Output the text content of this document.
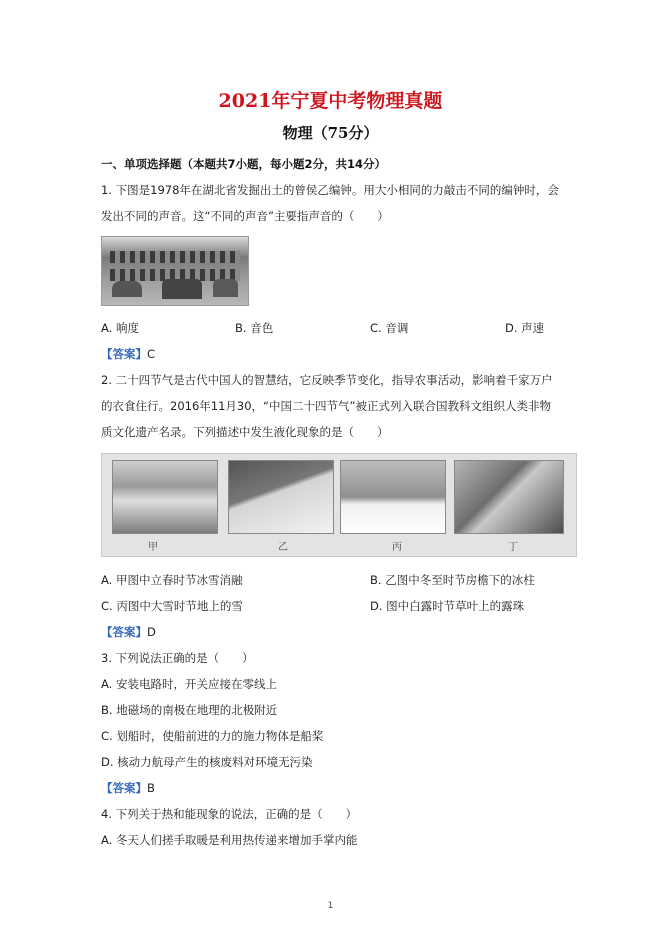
2021年宁夏中考物理真题
物理（75分）
一、单项选择题（本题共7小题，每小题2分，共14分）
1. 下图是1978年在湖北省发掘出土的曾侯乙编钟。用大小相同的力敲击不同的编钟时，会
发出不同的声音。这“不同的声音”主要指声音的（　　）
A. 响度	B. 音色	C. 音调	D. 声速
【答案】C
2. 二十四节气是古代中国人的智慧结，它反映季节变化，指导农事活动，影响着千家万户
的衣食住行。2016年11月30，“中国二十四节气”被正式列入联合国教科文组织人类非物
质文化遗产名录。下列描述中发生液化现象的是（　　）
甲	乙	丙	丁
A. 甲图中立春时节冰雪消融	B. 乙图中冬至时节房檐下的冰柱
C. 丙图中大雪时节地上的雪	D. 图中白露时节草叶上的露珠
【答案】D
3. 下列说法正确的是（　　）
A. 安装电路时，开关应接在零线上
B. 地磁场的南极在地理的北极附近
C. 划船时，使船前进的力的施力物体是船桨
D. 核动力航母产生的核废料对环境无污染
【答案】B
4. 下列关于热和能现象的说法，正确的是（　　）
A. 冬天人们搓手取暖是利用热传递来增加手掌内能
1
